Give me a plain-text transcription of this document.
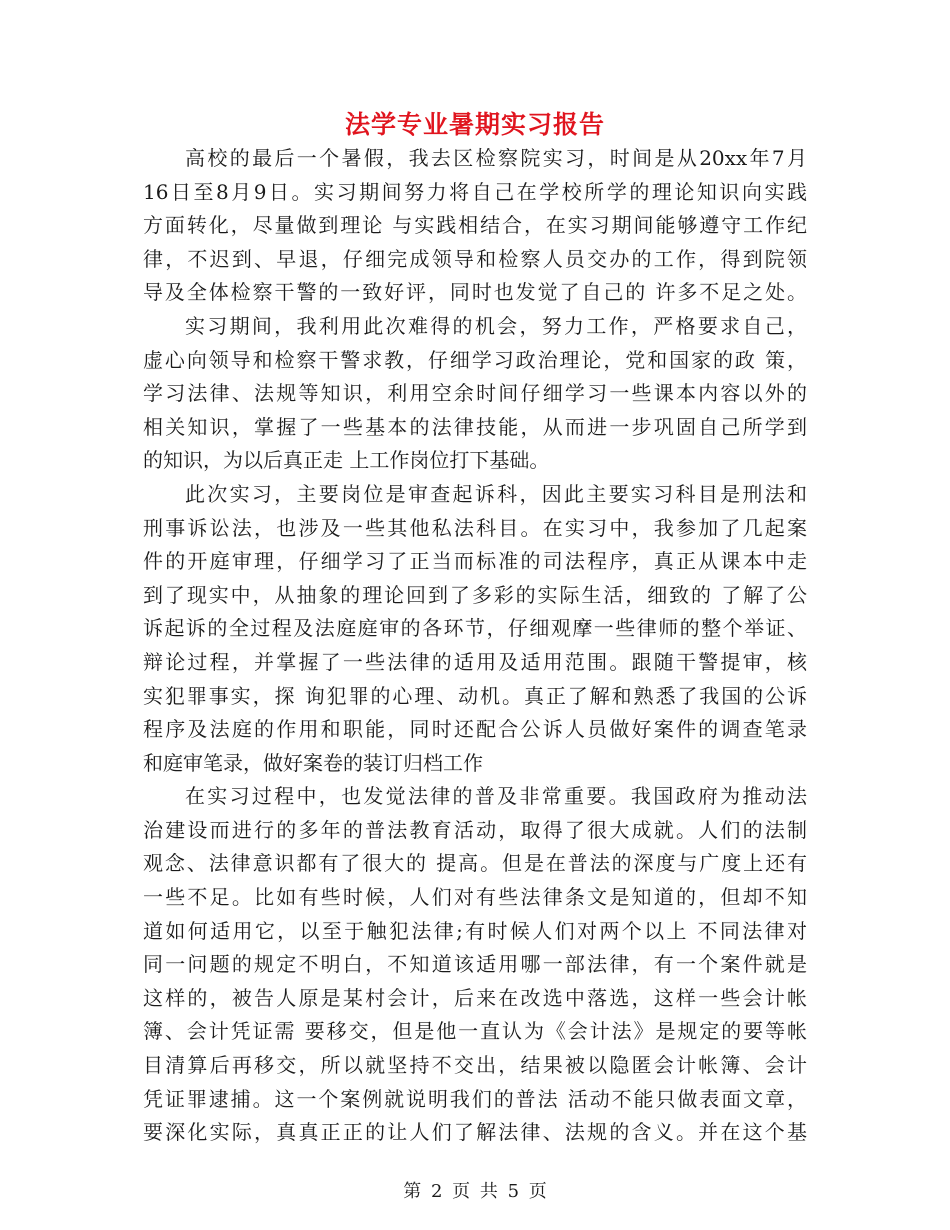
法学专业暑期实习报告
高校的最后一个暑假，我去区检察院实习，时间是从20xx年7月
16日至8月9日。实习期间努力将自己在学校所学的理论知识向实践
方面转化，尽量做到理论 与实践相结合，在实习期间能够遵守工作纪
律，不迟到、早退，仔细完成领导和检察人员交办的工作，得到院领
导及全体检察干警的一致好评，同时也发觉了自己的 许多不足之处。
实习期间，我利用此次难得的机会，努力工作，严格要求自己，
虚心向领导和检察干警求教，仔细学习政治理论，党和国家的政 策，
学习法律、法规等知识，利用空余时间仔细学习一些课本内容以外的
相关知识，掌握了一些基本的法律技能，从而进一步巩固自己所学到
的知识，为以后真正走 上工作岗位打下基础。
此次实习，主要岗位是审查起诉科，因此主要实习科目是刑法和
刑事诉讼法，也涉及一些其他私法科目。在实习中，我参加了几起案
件的开庭审理，仔细学习了正当而标准的司法程序，真正从课本中走
到了现实中，从抽象的理论回到了多彩的实际生活，细致的 了解了公
诉起诉的全过程及法庭庭审的各环节，仔细观摩一些律师的整个举证、
辩论过程，并掌握了一些法律的适用及适用范围。跟随干警提审，核
实犯罪事实，探 询犯罪的心理、动机。真正了解和熟悉了我国的公诉
程序及法庭的作用和职能，同时还配合公诉人员做好案件的调查笔录
和庭审笔录，做好案卷的装订归档工作
在实习过程中，也发觉法律的普及非常重要。我国政府为推动法
治建设而进行的多年的普法教育活动，取得了很大成就。人们的法制
观念、法律意识都有了很大的 提高。但是在普法的深度与广度上还有
一些不足。比如有些时候，人们对有些法律条文是知道的，但却不知
道如何适用它，以至于触犯法律;有时候人们对两个以上 不同法律对
同一问题的规定不明白，不知道该适用哪一部法律，有一个案件就是
这样的，被告人原是某村会计，后来在改选中落选，这样一些会计帐
簿、会计凭证需 要移交，但是他一直认为《会计法》是规定的要等帐
目清算后再移交，所以就坚持不交出，结果被以隐匿会计帐簿、会计
凭证罪逮捕。这一个案例就说明我们的普法 活动不能只做表面文章，
要深化实际，真真正正的让人们了解法律、法规的含义。并在这个基
第 2 页 共 5 页
